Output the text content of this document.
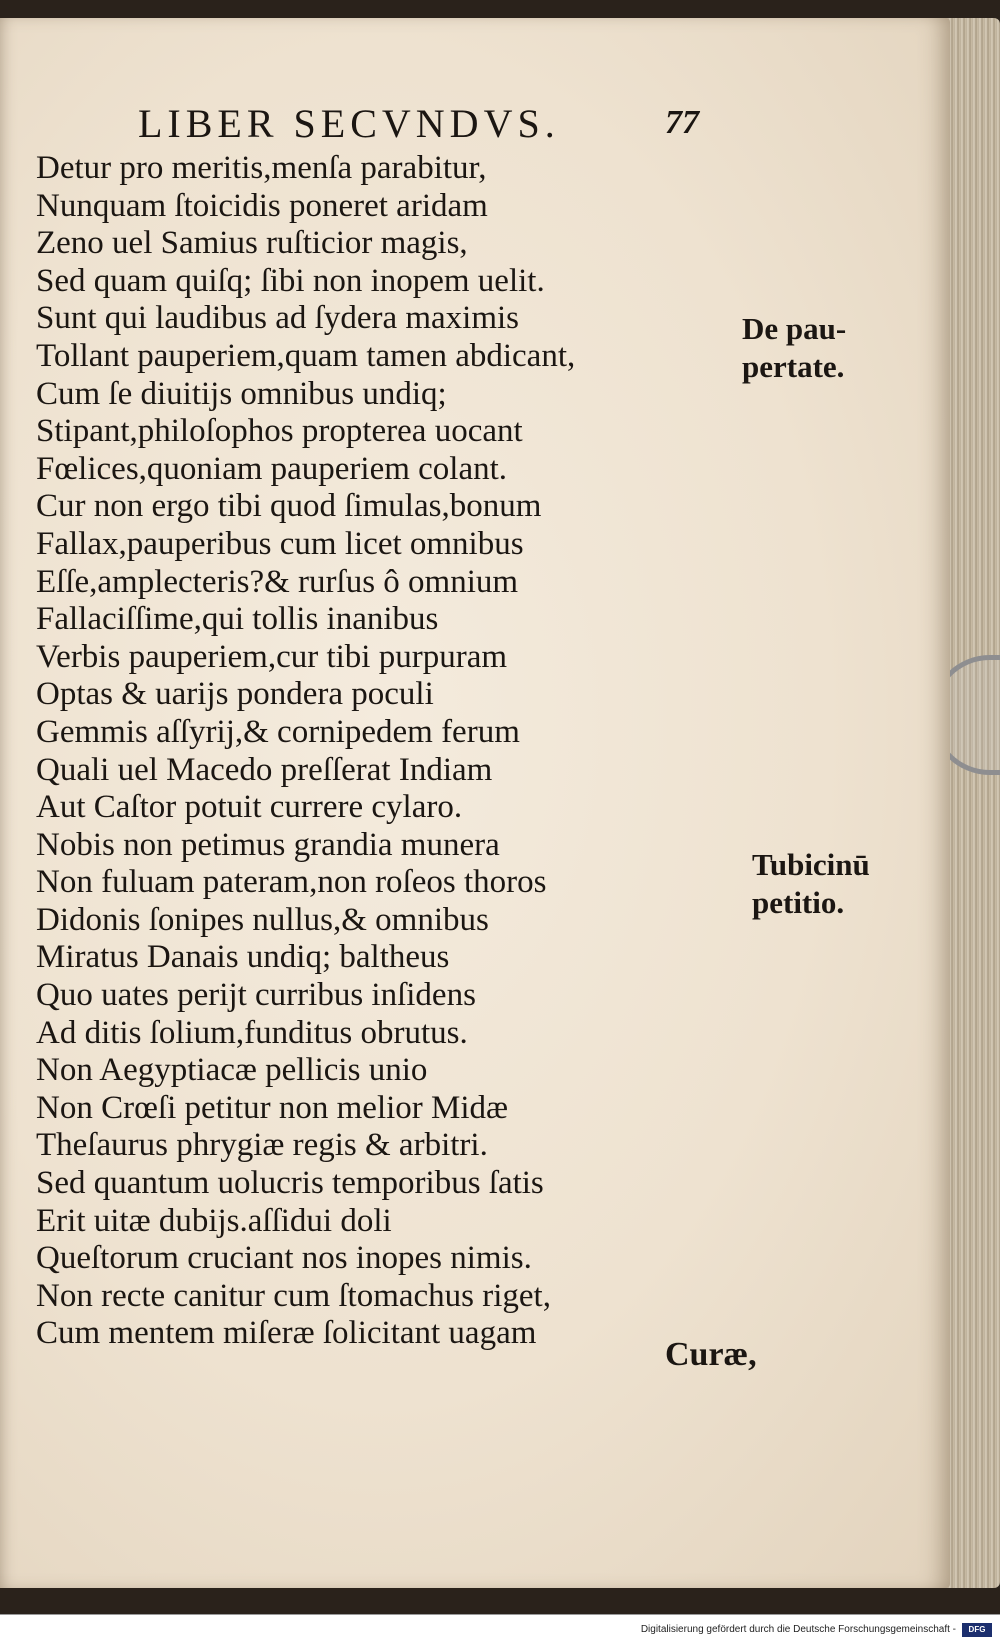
LIBER SECVNDVS.	77
Detur pro meritis,menſa parabitur,
Nunquam ſtoicidis poneret aridam
Zeno uel Samius ruſticior magis,
Sed quam quiſq; ſibi non inopem uelit.
Sunt qui laudibus ad ſydera maximis
Tollant pauperiem,quam tamen abdicant,
Cum ſe diuitijs omnibus undiq;
Stipant,philoſophos propterea uocant
Fœlices,quoniam pauperiem colant.
Cur non ergo tibi quod ſimulas,bonum
Fallax,pauperibus cum licet omnibus
Eſſe,amplecteris?& rurſus ô omnium
Fallaciſſime,qui tollis inanibus
Verbis pauperiem,cur tibi purpuram
Optas & uarijs pondera poculi
Gemmis aſſyrij,& cornipedem ferum
Quali uel Macedo preſſerat Indiam
Aut Caſtor potuit currere cylaro.
Nobis non petimus grandia munera
Non fuluam pateram,non roſeos thoros
Didonis ſonipes nullus,& omnibus
Miratus Danais undiq; baltheus
Quo uates perijt curribus inſidens
Ad ditis ſolium,funditus obrutus.
Non Aegyptiacæ pellicis unio
Non Crœſi petitur non melior Midæ
Theſaurus phrygiæ regis & arbitri.
Sed quantum uolucris temporibus ſatis
Erit uitæ dubijs.aſſidui doli
Queſtorum cruciant nos inopes nimis.
Non recte canitur cum ſtomachus riget,
Cum mentem miſeræ ſolicitant uagam
De pau-
pertate.
Tubicinū
petitio.
Curæ,
Digitalisierung gefördert durch die Deutsche Forschungsgemeinschaft -	DFG
